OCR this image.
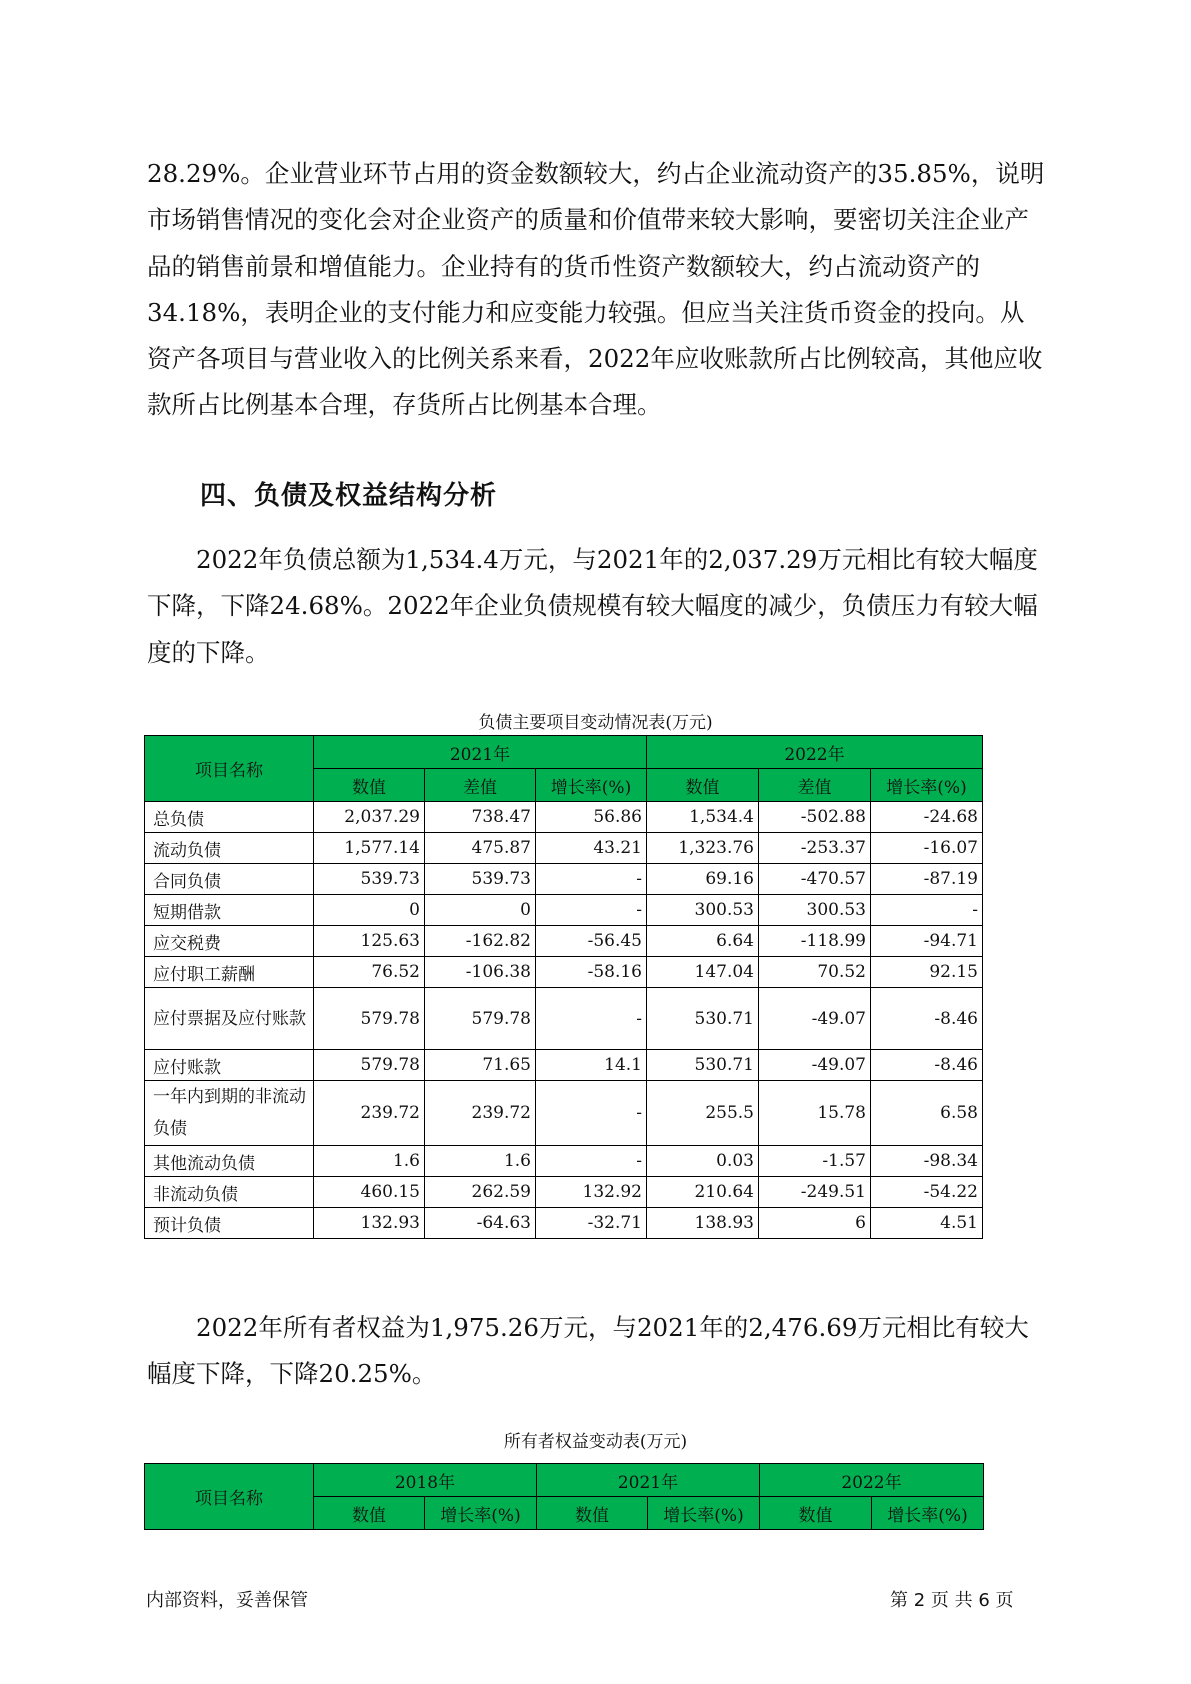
28.29%。企业营业环节占用的资金数额较大，约占企业流动资产的35.85%，说明市场销售情况的变化会对企业资产的质量和价值带来较大影响，要密切关注企业产品的销售前景和增值能力。企业持有的货币性资产数额较大，约占流动资产的34.18%，表明企业的支付能力和应变能力较强。但应当关注货币资金的投向。从资产各项目与营业收入的比例关系来看，2022年应收账款所占比例较高，其他应收款所占比例基本合理，存货所占比例基本合理。

四、负债及权益结构分析

2022年负债总额为1,534.4万元，与2021年的2,037.29万元相比有较大幅度下降，下降24.68%。2022年企业负债规模有较大幅度的减少，负债压力有较大幅度的下降。

负债主要项目变动情况表(万元)

项目名称	2021年			2022年		
	数值	差值	增长率(%)	数值	差值	增长率(%)
总负债	2,037.29	738.47	56.86	1,534.4	-502.88	-24.68
流动负债	1,577.14	475.87	43.21	1,323.76	-253.37	-16.07
合同负债	539.73	539.73	-	69.16	-470.57	-87.19
短期借款	0	0	-	300.53	300.53	-
应交税费	125.63	-162.82	-56.45	6.64	-118.99	-94.71
应付职工薪酬	76.52	-106.38	-58.16	147.04	70.52	92.15
应付票据及应付账款	579.78	579.78	-	530.71	-49.07	-8.46
应付账款	579.78	71.65	14.1	530.71	-49.07	-8.46
一年内到期的非流动负债	239.72	239.72	-	255.5	15.78	6.58
其他流动负债	1.6	1.6	-	0.03	-1.57	-98.34
非流动负债	460.15	262.59	132.92	210.64	-249.51	-54.22
预计负债	132.93	-64.63	-32.71	138.93	6	4.51

2022年所有者权益为1,975.26万元，与2021年的2,476.69万元相比有较大幅度下降，下降20.25%。

所有者权益变动表(万元)

项目名称	2018年		2021年		2022年	
	数值	增长率(%)	数值	增长率(%)	数值	增长率(%)

内部资料，妥善保管	第 2 页 共 6 页
